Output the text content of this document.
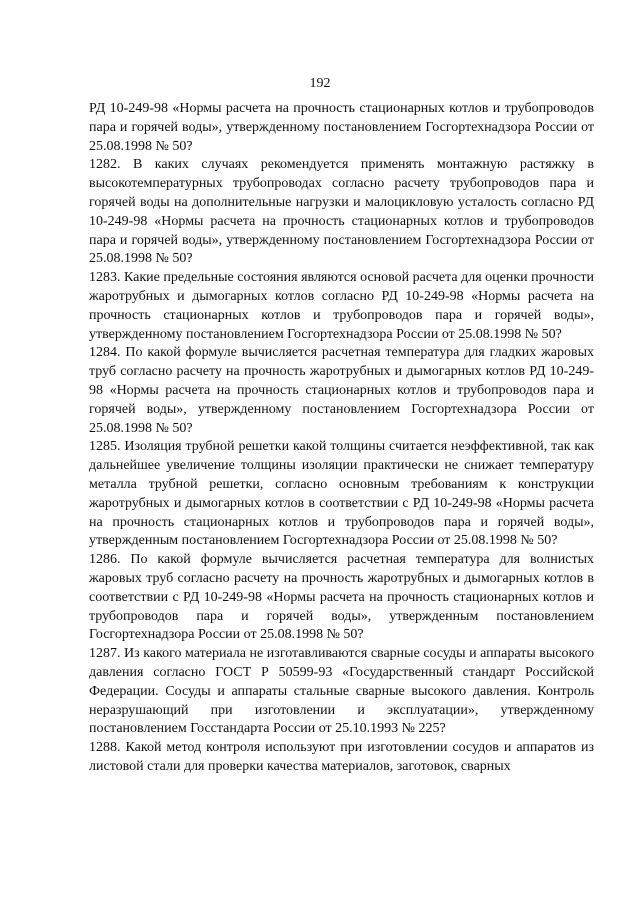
192

РД 10-249-98 «Нормы расчета на прочность стационарных котлов и трубопроводов пара и горячей воды», утвержденному постановлением Госгортехнадзора России от 25.08.1998 № 50?

1282. В каких случаях рекомендуется применять монтажную растяжку в высокотемпературных трубопроводах согласно расчету трубопроводов пара и горячей воды на дополнительные нагрузки и малоцикловую усталость согласно РД 10-249-98 «Нормы расчета на прочность стационарных котлов и трубопроводов пара и горячей воды», утвержденному постановлением Госгортехнадзора России от 25.08.1998 № 50?

1283. Какие предельные состояния являются основой расчета для оценки прочности жаротрубных и дымогарных котлов согласно РД 10-249-98 «Нормы расчета на прочность стационарных котлов и трубопроводов пара и горячей воды», утвержденному постановлением Госгортехнадзора России от 25.08.1998 № 50?

1284. По какой формуле вычисляется расчетная температура для гладких жаровых труб согласно расчету на прочность жаротрубных и дымогарных котлов РД 10-249-98 «Нормы расчета на прочность стационарных котлов и трубопроводов пара и горячей воды», утвержденному постановлением Госгортехнадзора России от 25.08.1998 № 50?

1285. Изоляция трубной решетки какой толщины считается неэффективной, так как дальнейшее увеличение толщины изоляции практически не снижает температуру металла трубной решетки, согласно основным требованиям к конструкции жаротрубных и дымогарных котлов в соответствии с РД 10-249-98 «Нормы расчета на прочность стационарных котлов и трубопроводов пара и горячей воды», утвержденным постановлением Госгортехнадзора России от 25.08.1998 № 50?

1286. По какой формуле вычисляется расчетная температура для волнистых жаровых труб согласно расчету на прочность жаротрубных и дымогарных котлов в соответствии с РД 10-249-98 «Нормы расчета на прочность стационарных котлов и трубопроводов пара и горячей воды», утвержденным постановлением Госгортехнадзора России от 25.08.1998 № 50?

1287. Из какого материала не изготавливаются сварные сосуды и аппараты высокого давления согласно ГОСТ Р 50599-93 «Государственный стандарт Российской Федерации. Сосуды и аппараты стальные сварные высокого давления. Контроль неразрушающий при изготовлении и эксплуатации», утвержденному постановлением Госстандарта России от 25.10.1993 № 225?

1288. Какой метод контроля используют при изготовлении сосудов и аппаратов из листовой стали для проверки качества материалов, заготовок, сварных
